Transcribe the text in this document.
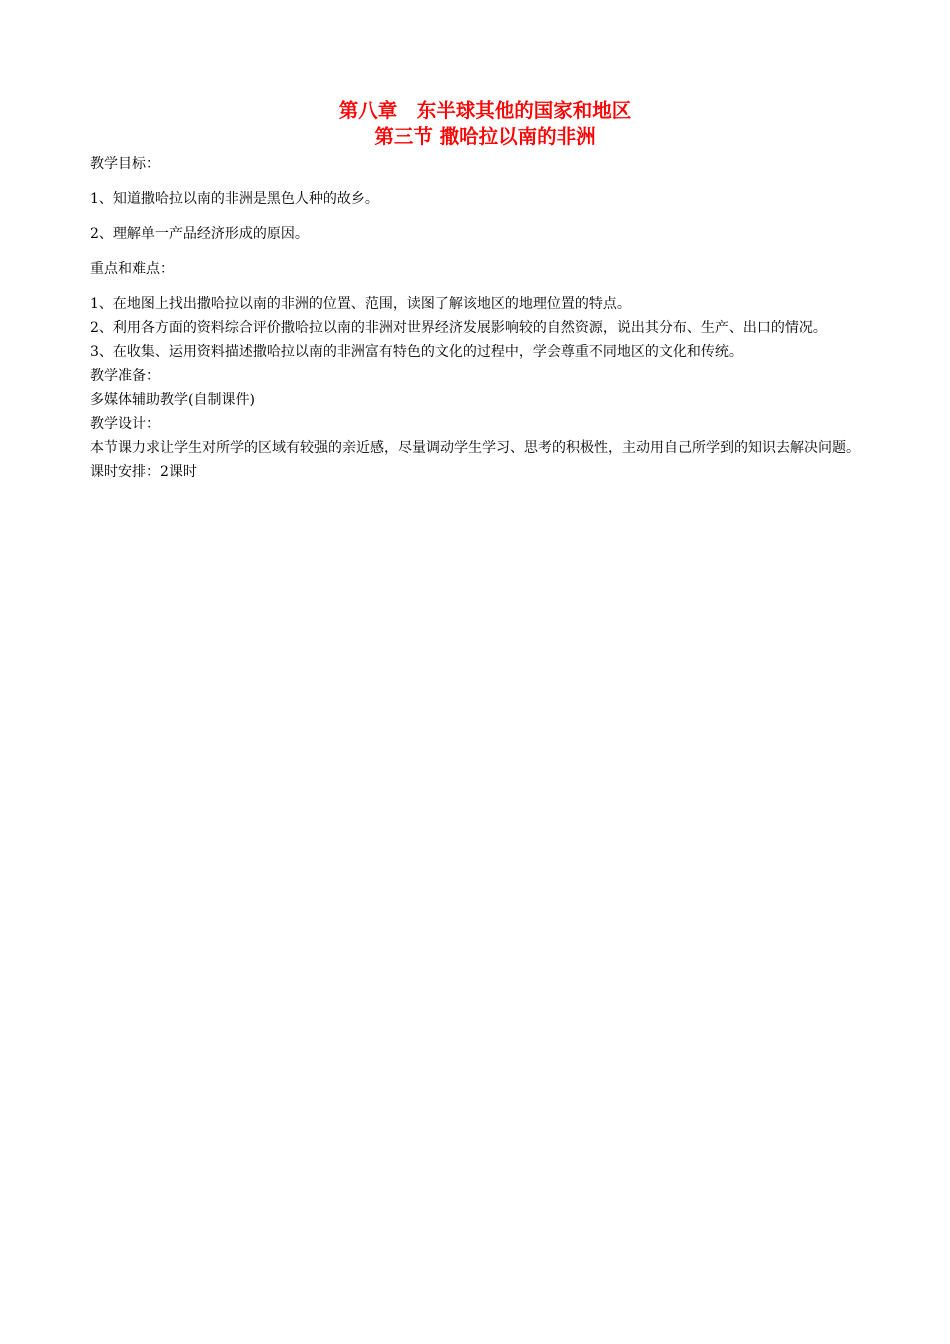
第八章　东半球其他的国家和地区
第三节 撒哈拉以南的非洲
教学目标：
1、知道撒哈拉以南的非洲是黑色人种的故乡。
2、理解单一产品经济形成的原因。
重点和难点：
1、在地图上找出撒哈拉以南的非洲的位置、范围，读图了解该地区的地理位置的特点。
2、利用各方面的资料综合评价撒哈拉以南的非洲对世界经济发展影响较的自然资源，说出其分布、生产、出口的情况。
3、在收集、运用资料描述撒哈拉以南的非洲富有特色的文化的过程中，学会尊重不同地区的文化和传统。
教学准备：
多媒体辅助教学(自制课件)
教学设计：
本节课力求让学生对所学的区域有较强的亲近感，尽量调动学生学习、思考的积极性，主动用自己所学到的知识去解决问题。
课时安排：2课时
